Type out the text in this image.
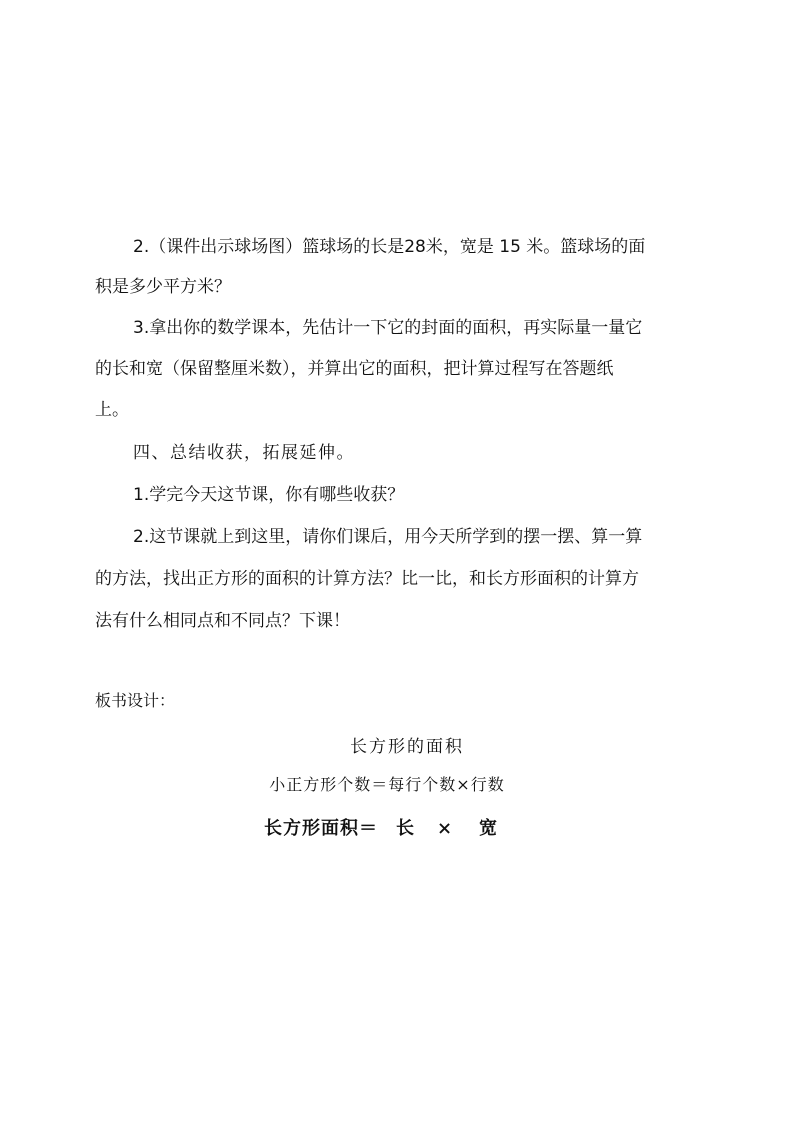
2.（课件出示球场图）篮球场的长是28米，宽是 15 米。篮球场的面
积是多少平方米？
3.拿出你的数学课本，先估计一下它的封面的面积，再实际量一量它
的长和宽（保留整厘米数），并算出它的面积，把计算过程写在答题纸
上。
四、总结收获，拓展延伸。
1.学完今天这节课，你有哪些收获？
2.这节课就上到这里，请你们课后，用今天所学到的摆一摆、算一算
的方法，找出正方形的面积的计算方法？比一比，和长方形面积的计算方
法有什么相同点和不同点？下课！
板书设计：
长方形的面积
小正方形个数＝每行个数×行数
长方形面积＝ 长 × 宽
